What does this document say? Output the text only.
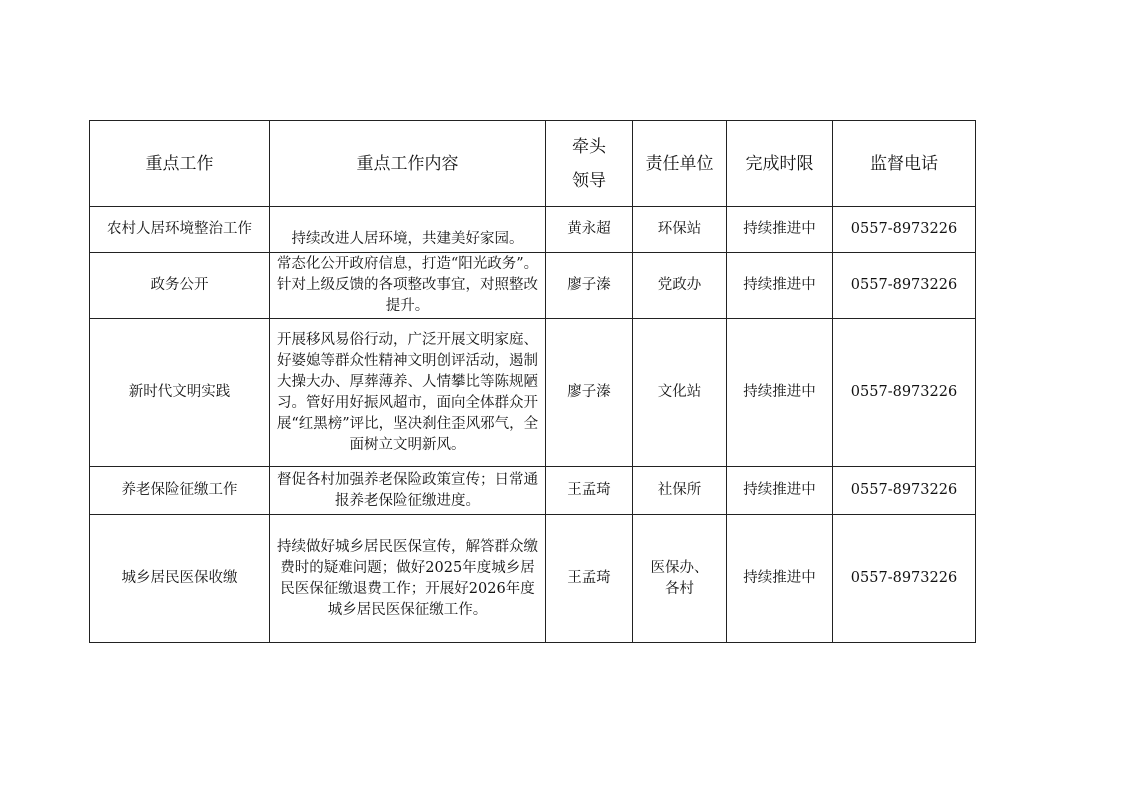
重点工作	重点工作内容	牵头领导	责任单位	完成时限	监督电话
农村人居环境整治工作	持续改进人居环境，共建美好家园。	黄永超	环保站	持续推进中	0557-8973226
政务公开	常态化公开政府信息，打造“阳光政务”。针对上级反馈的各项整改事宜，对照整改提升。	廖子溱	党政办	持续推进中	0557-8973226
新时代文明实践	开展移风易俗行动，广泛开展文明家庭、好婆媳等群众性精神文明创评活动，遏制大操大办、厚葬薄养、人情攀比等陈规陋习。管好用好振风超市，面向全体群众开展“红黑榜”评比，坚决刹住歪风邪气，全面树立文明新风。	廖子溱	文化站	持续推进中	0557-8973226
养老保险征缴工作	督促各村加强养老保险政策宣传；日常通报养老保险征缴进度。	王孟琦	社保所	持续推进中	0557-8973226
城乡居民医保收缴	持续做好城乡居民医保宣传，解答群众缴费时的疑难问题；做好2025年度城乡居民医保征缴退费工作；开展好2026年度城乡居民医保征缴工作。	王孟琦	医保办、各村	持续推进中	0557-8973226
